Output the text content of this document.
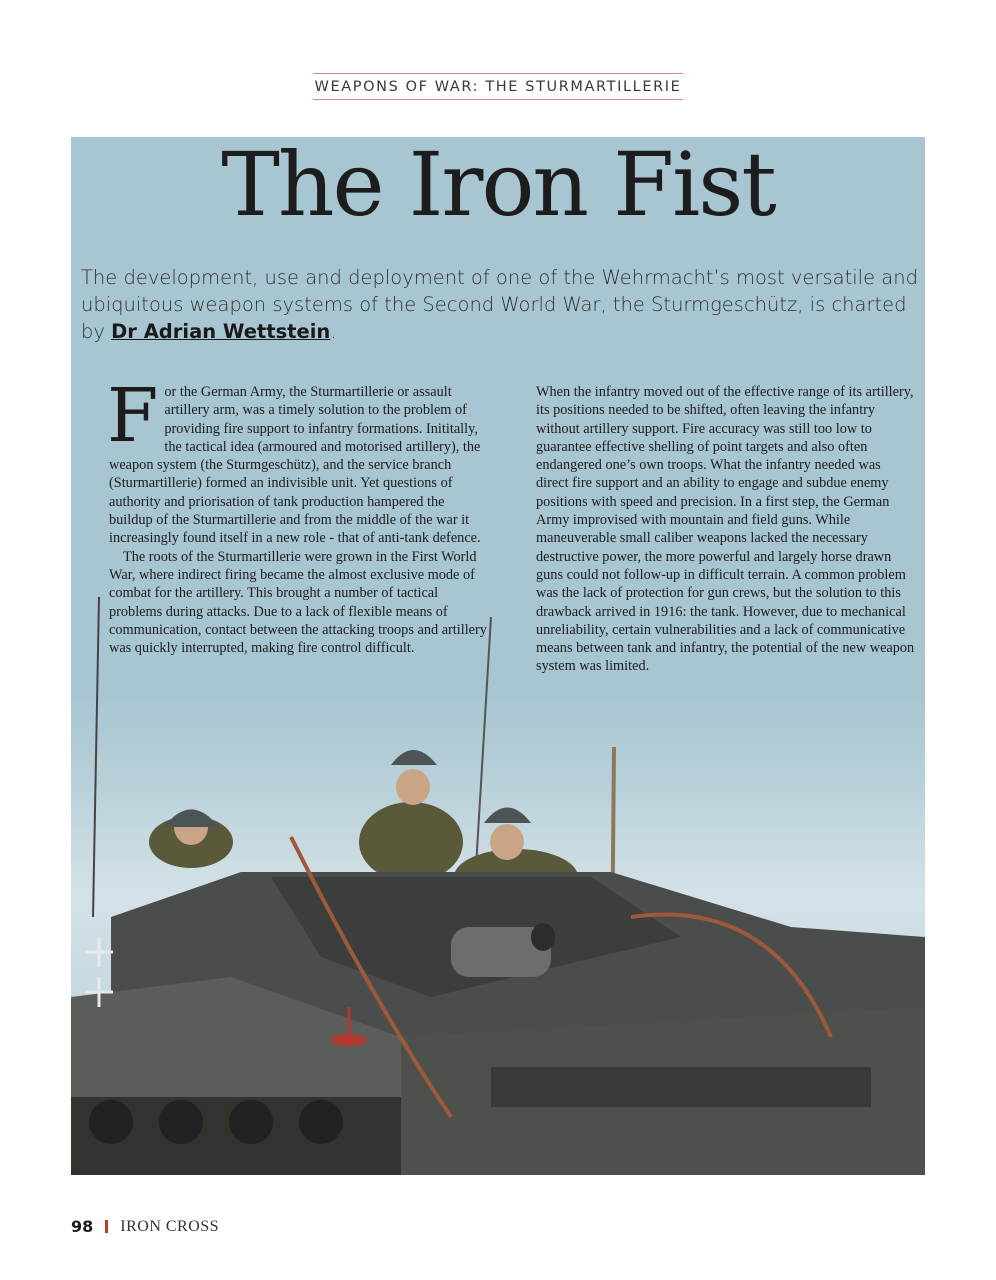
WEAPONS OF WAR: THE STURMARTILLERIE
The Iron Fist
The development, use and deployment of one of the Wehrmacht’s most versatile and ubiquitous weapon systems of the Second World War, the Sturmgeschütz, is charted by Dr Adrian Wettstein.

For the German Army, the Sturmartillerie or assault artillery arm, was a timely solution to the problem of providing fire support to infantry formations. Inititally, the tactical idea (armoured and motorised artillery), the weapon system (the Sturmgeschütz), and the service branch (Sturmartillerie) formed an indivisible unit. Yet questions of authority and priorisation of tank production hampered the buildup of the Sturmartillerie and from the middle of the war it increasingly found itself in a new role - that of anti-tank defence.

The roots of the Sturmartillerie were grown in the First World War, where indirect firing became the almost exclusive mode of combat for the artillery. This brought a number of tactical problems during attacks. Due to a lack of flexible means of communication, contact between the attacking troops and artillery was quickly interrupted, making fire control difficult.

When the infantry moved out of the effective range of its artillery, its positions needed to be shifted, often leaving the infantry without artillery support. Fire accuracy was still too low to guarantee effective shelling of point targets and also often endangered one’s own troops. What the infantry needed was direct fire support and an ability to engage and subdue enemy positions with speed and precision. In a first step, the German Army improvised with mountain and field guns. While maneuverable small caliber weapons lacked the necessary destructive power, the more powerful and largely horse drawn guns could not follow-up in difficult terrain. A common problem was the lack of protection for gun crews, but the solution to this drawback arrived in 1916: the tank. However, due to mechanical unreliability, certain vulnerabilities and a lack of communicative means between tank and infantry, the potential of the new weapon system was limited.

98 IRON CROSS
